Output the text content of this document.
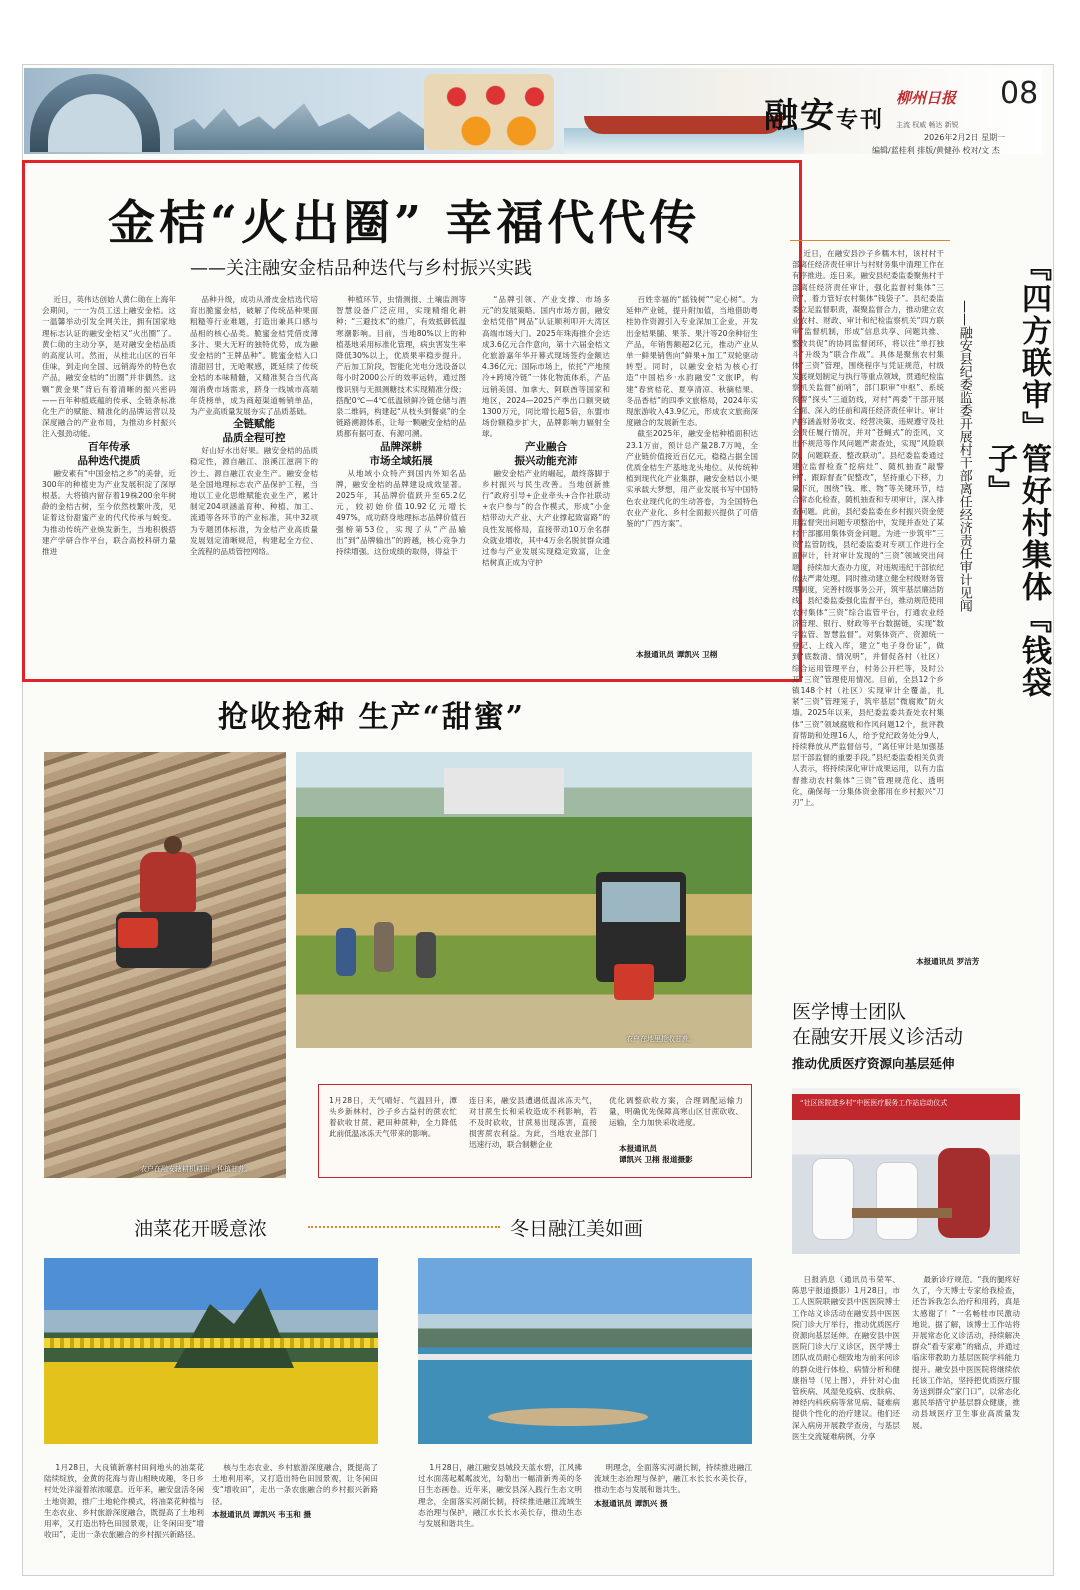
融安专刊
柳州日报
主流 权威 畅达 新锐
08
2026年2月2日 星期一
编辑/蓝桂利 排版/黄健孙 校对/文 杰
金桔“火出圈” 幸福代代传
——关注融安金桔品种迭代与乡村振兴实践

近日，英伟达创始人黄仁勋在上海年会期间，一一为员工送上融安金桔。这一温馨举动引发全网关注，拥有国家地理标志认证的融安金桔又“火出圈”了。黄仁勋的主动分享，是对融安金桔品质的高度认可。然而，从桂北山区的百年佳味，到走向全国、远销海外的特色农产品，融安金桔的“出圈”并非偶然。这颗“黄金果”背后有着清晰的振兴密码——百年种植底蕴的传承、全链条标准化生产的赋能、精准化的品牌运营以及深度融合的产业布局，为推动乡村振兴注入强劲动能。

百年传承
品种迭代提质

融安素有“中国金桔之乡”的美誉，近300年的种植史为产业发展积淀了深厚根基。大将镇内留存着19株200余年树龄的金桔古树，至今依然枝繁叶茂，见证着这份甜蜜产业的代代传承与蜕变。为推动传统产业焕发新生，当地积极搭建产学研合作平台，联合高校科研力量推进

品种升级，成功从滑皮金桔选代培育出脆蜜金桔，破解了传统品种果面粗糙等行业难题，打造出兼具口感与品相的核心品类。脆蜜金桔凭借皮薄多汁、果大无籽的独特优势，成为融安金桔的“王牌品种”。脆蜜金桔入口清甜回甘，无呛喉感，既延续了传统金桔的本味精髓，又精准契合当代高端消费市场需求，跻身一线城市高端年货榜单，成为商超渠道畅销单品，为产业高质量发展夯实了品质基础。

全链赋能
品质全程可控

好山好水出好果。融安金桔的品质稳定性，源自融江、浪溪江滋润下的沙土、源自融江农业生产。融安金桔是全国地理标志农产品保护工程，当地以工业化思维赋能农业生产，累计制定204项涵盖育种、种植、加工、流通等各环节的产业标准，其中32项为专题团体标准，为金桔产业高质量发展划定清晰规范，构建起全方位、全流程的品质管控网络。

种植环节，虫情测报、土壤监测等智慧设备广泛应用，实现精细化耕种；“三避技术”的推广，有效抵御低温寒潮影响。目前，当地80%以上的种植基地采用标准化管理，病虫害发生率降低30%以上，优质果率稳步提升。产后加工阶段，智能化光电分选设备以每小时2000公斤的效率运转，通过图像识别与无损测糖技术实现精准分级；搭配0℃—4℃低温锁鲜冷链仓储与酒泉二维码，构建起“从枝头到餐桌”的全链路溯源体系，让每一颗融安金桔的品质都有据可查、有源可溯。

品牌深耕
市场全域拓展

从地域小众特产到国内外知名品牌，融安金桔的品牌建设成效显著。2025年，其品牌价值跃升至65.2亿元，较初始价值10.92亿元增长497%，成功跻身地理标志品牌价值百强榜第53位，实现了从“产品输出”到“品牌输出”的跨越，核心竞争力持续增强。这份成绩的取得，得益于

“品牌引领、产业支撑、市场多元”的发展策略。国内市场方面，融安金桔凭借“网品”认证顺利叩开大湾区高端市场大门。2025年珠海推介会达成3.6亿元合作意向，第十六届金桔文化旅游嘉年华开幕式现场签约金额达4.36亿元；国际市场上，依托“产地预冷+跨境冷链”一体化物流体系，产品远销美国、加拿大、阿联酋等国家和地区，2024—2025产季出口额突破1300万元，同比增长超5倍，东盟市场份额稳步扩大，品牌影响力辐射全球。

产业融合
振兴动能充沛

融安金桔产业的崛起，最终落脚于乡村振兴与民生改善。当地创新推行“政府引导+企业牵头+合作社联动+农户参与”的合作模式，形成“小金桔带动大产业、大产业撑起致富路”的良性发展格局，直接带动10万余名群众就业增收，其中4万余名脱贫群众通过参与产业发展实现稳定致富，让金桔树真正成为守护

百姓幸福的“摇钱树”“定心树”。为延伸产业链，提升附加值，当地借助粤桂协作资源引入专业深加工企业，开发出金桔果脯、果茶、果汁等20余种衍生产品，年销售额超2亿元，推动产业从单一鲜果销售向“鲜果+加工”双轮驱动转型。同时，以融安金桔为核心打造“中国桔乡·水韵融安”文旅IP，构建“春赏桔花、夏享清凉、秋摘桔果、冬品香桔”的四季文旅格局，2024年实现旅游收入43.9亿元，形成农文旅商深度融合的发展新生态。

截至2025年，融安金桔种植面积达23.1万亩，预计总产量28.7万吨，全产业链价值接近百亿元，稳稳占据全国优质金桔生产基地龙头地位。从传统种植到现代化产业集群，融安金桔以小果实承载大梦想，用产业发展书写中国特色农业现代化的生动答卷，为全国特色农业产业化、乡村全面振兴提供了可借鉴的“广西方案”。

本报通讯员 谭凯兴 卫栩
抢收抢种 生产“甜蜜”
农户在融安辖耕机耕田，种植甘蔗。
农户在地里抢收甘蔗。
1月28日，天气晴好、气温回升，潭头乡新林村、沙子乡古益村的蔗农忙着砍收甘蔗、耙田种蔗种，全力降低此前低温冰冻天气带来的影响。
连日来，融安县遭遇低温冰冻天气，对甘蔗生长和采收造成不利影响，若不及时砍收，甘蔗易出现冻害，直接损害蔗农利益。为此，当地农业部门迅速行动，联合制糖企业
优化调整砍收方案，合理调配运输力量，明确优先保障高寒山区甘蔗砍收、运输，全力加快采收进度。
本报通讯员
谭凯兴 卫栩 报道摄影
油菜花开暖意浓	冬日融江美如画

1月28日，大良镇新寨村田间地头的油菜花陆续绽放，金黄的花海与青山相映成趣，冬日乡村处处洋溢着浓浓暖意。近年来，融安盘活冬闲土地资源，推广土地轮作模式，将油菜花种植与生态农业、乡村旅游深度融合，既提高了土地利用率，又打造出特色田园景观，让冬闲田变“增收田”，走出一条农旅融合的乡村振兴新路径。

核与生态农业、乡村旅游深度融合，既提高了土地利用率，又打造出特色田园景观，让冬闲田变“增收田”，走出一条农旅融合的乡村振兴新路径。

本报通讯员 谭凯兴 韦玉和 摄

1月28日，融江融安县城段天蓝水碧，江风拂过水面荡起粼粼波光，勾勒出一幅清新秀美的冬日生态画卷。近年来，融安县深入践行生态文明理念，全面落实河湖长制，持续推进融江流域生态治理与保护，融江水长长水美长存，推动生态与发展和谐共生。

明理念，全面落实河湖长制，持续推进融江流域生态治理与保护，融江水长长水美长存，推动生态与发展和谐共生。

本报通讯员 谭凯兴 摄

『四方联审』管好村集体『钱袋子』
——融安县纪委监委开展村干部离任经济责任审计见闻

近日，在融安县沙子乡糯木村，该村村干部离任经济责任审计与村财务集中清理工作在有序推进。连日来，融安县纪委监委聚焦村干部离任经济责任审计，强化监督村集体“三资”，着力管好农村集体“钱袋子”。县纪委监委立足监督职责，凝聚监督合力，推动建立农业农村、财政、审计和纪检监察机关“四方联审”监督机制，形成“信息共享、问题共推、整改共促”的协同监督闭环，将以往“单打独斗”升级为“联合作战”。具体是聚焦农村集体“三资”管理，围绕程序与凭证规范，村级发展规划制定与执行等重点领域，贯通纪检监察机关监督“前哨”，部门职审“中枢”、系统预警“探头”三道防线，对村“两委”干部开展全面、深入的任前和离任经济责任审计。审计内容涵盖财务收支、经营决策、违规遵守及社会责任履行情况，并对“苍蝇式”的歪风，文出不规范等作风问题严肃查处，实现“风险联防、问题联查、整改联动”。县纪委监委通过建立监督检查“挖病灶”、随机抽查“敲警钟”、跟踪督查“促整改”，坚持重心下移，力量下沉，围绕“钱、账、物”等关键环节，结合常态化检查，随机抽查和专项审计，深入排查问题。此前，县纪委监委在乡村振兴资金使用监督突出问题专项整治中，发现并查处了某村干部挪用集体资金问题。为进一步筑牢“三资”监管防线，县纪委监委对专项工作进行全面审计，针对审计发现的“三资”领域突出问题，持续加大查办力度，对违规违纪干部依纪依法严肃处理。同时推动建立健全村级财务管理制度，完善村级事务公开，筑牢基层廉洁防线。县纪委监委强化监督平台，推动规范使用农村集体“三资”综合监管平台，打通农业经济管理、银行、财政等平台数据链，实现“数字监管、智慧监督”。对集体资产、资源统一登记、上线入库，建立“电子身份证”，做到“底数清、情况明”，并督促各村（社区）综合运用管理平台，村务公开栏等，及时公开“三资”管理使用情况。目前，全县12个乡镇148个村（社区）实现审计全覆盖，扎紧“三资”管理笼子，筑牢基层“微腐败”防火墙。2025年以来，县纪委监委共查处农村集体“三资”领域腐败和作风问题12个，批评教育帮助和处理16人，给予党纪政务处分9人，持续释放从严监督信号，“离任审计是加强基层干部监督的重要手段。”县纪委监委相关负责人表示，将持续深化审计成果运用，以有力监督推动农村集体“三资”管理规范化、透明化，确保每一分集体资金都用在乡村振兴“刀刃”上。

本报通讯员 罗洁芳
医学博士团队
在融安开展义诊活动
推动优质医疗资源向基层延伸
“社区医院进乡村”中医医疗服务工作站启动仪式

日报消息（通讯员韦荣军、陈思宇报道摄影）1月28日，市工人医院联融安县中医医院博士工作站义诊活动在融安县中医医院门诊大厅举行，推动优质医疗资源向基层延伸。在融安县中医医院门诊大厅义诊区，医学博士团队成员耐心细致地为前来问诊的群众进行体检、病情分析和健康指导（见上图），并针对心血管疾病、风湿免疫病、皮肤病、神经内科疾病等常见病、疑难病提供个性化的治疗建议。他们还深入病房开展教学查房，与基层医生交流疑难病例，分享

最新诊疗规范。“我的腿疼好久了，今天博士专家给我检查，还告诉我怎么治疗和用药，真是太感谢了！”一名畅桂市民激动地说。据了解，该博士工作站将开展常态化义诊活动，持续解决群众“看专家难”的痛点，并通过临床带教助力基层医院学科能力提升。融安县中医医院将继续依托该工作站，坚持把优质医疗服务送到群众“家门口”，以常态化惠民举措守护基层群众健康，推动县域医疗卫生事业高质量发展。
